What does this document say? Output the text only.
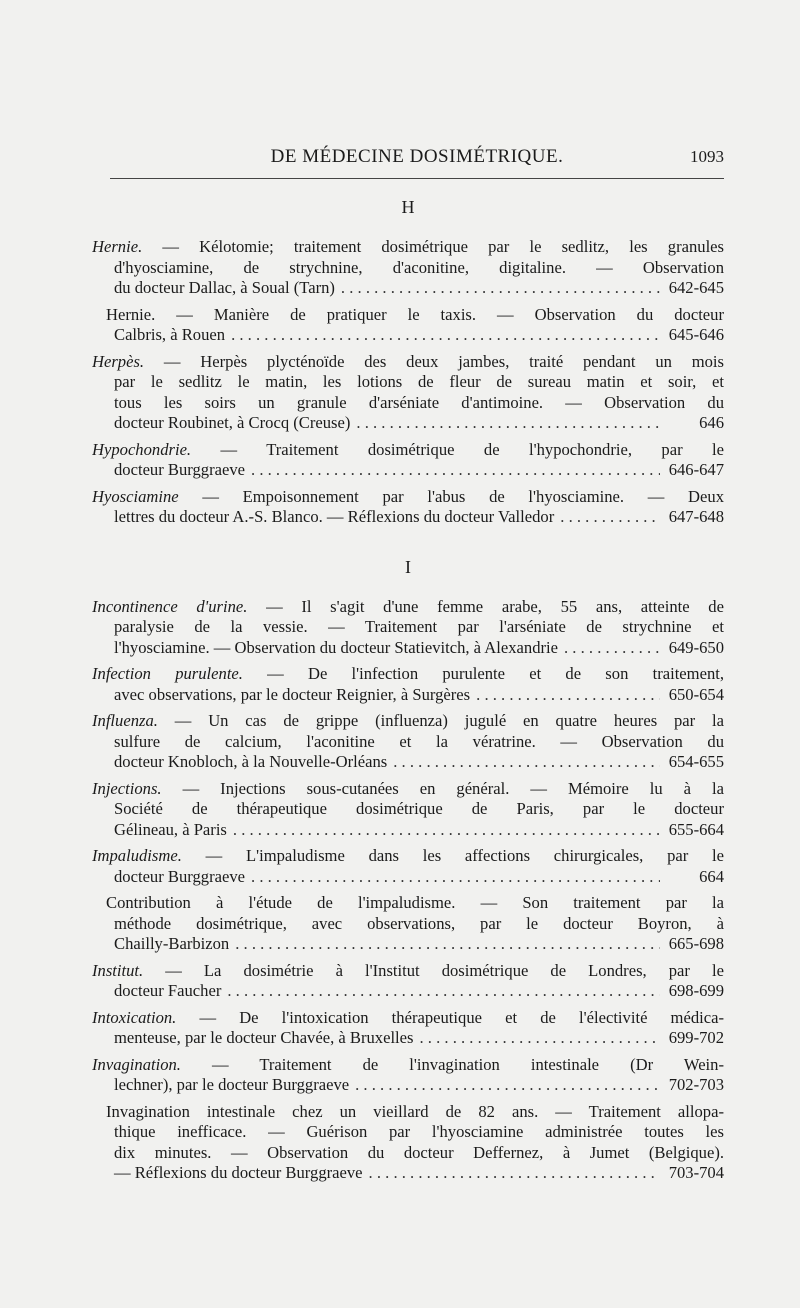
DE MÉDECINE DOSIMÉTRIQUE.	1093
H
Hernie. — Kélotomie; traitement dosimétrique par le sedlitz, les granules
d'hyosciamine, de strychnine, d'aconitine, digitaline. — Observation
du docteur Dallac, à Soual (Tarn) . . .	642-645
Hernie. — Manière de pratiquer le taxis. — Observation du docteur
Calbris, à Rouen . . .	645-646
Herpès. — Herpès plycténoïde des deux jambes, traité pendant un mois
par le sedlitz le matin, les lotions de fleur de sureau matin et soir, et
tous les soirs un granule d'arséniate d'antimoine. — Observation du
docteur Roubinet, à Crocq (Creuse) . . .	646
Hypochondrie. — Traitement dosimétrique de l'hypochondrie, par le
docteur Burggraeve . . .	646-647
Hyosciamine — Empoisonnement par l'abus de l'hyosciamine. — Deux
lettres du docteur A.-S. Blanco. — Réflexions du docteur Valledor . . .	647-648
I
Incontinence d'urine. — Il s'agit d'une femme arabe, 55 ans, atteinte de
paralysie de la vessie. — Traitement par l'arséniate de strychnine et
l'hyosciamine. — Observation du docteur Statievitch, à Alexandrie . . .	649-650
Infection purulente. — De l'infection purulente et de son traitement,
avec observations, par le docteur Reignier, à Surgères . . .	650-654
Influenza. — Un cas de grippe (influenza) jugulé en quatre heures par la
sulfure de calcium, l'aconitine et la vératrine. — Observation du
docteur Knobloch, à la Nouvelle-Orléans . . .	654-655
Injections. — Injections sous-cutanées en général. — Mémoire lu à la
Société de thérapeutique dosimétrique de Paris, par le docteur
Gélineau, à Paris . . .	655-664
Impaludisme. — L'impaludisme dans les affections chirurgicales, par le
docteur Burggraeve . . .	664
Contribution à l'étude de l'impaludisme. — Son traitement par la
méthode dosimétrique, avec observations, par le docteur Boyron, à
Chailly-Barbizon . . .	665-698
Institut. — La dosimétrie à l'Institut dosimétrique de Londres, par le
docteur Faucher . . .	698-699
Intoxication. — De l'intoxication thérapeutique et de l'électivité médica-
menteuse, par le docteur Chavée, à Bruxelles . . .	699-702
Invagination. — Traitement de l'invagination intestinale (Dr Wein-
lechner), par le docteur Burggraeve . . .	702-703
Invagination intestinale chez un vieillard de 82 ans. — Traitement allopa-
thique inefficace. — Guérison par l'hyosciamine administrée toutes les
dix minutes. — Observation du docteur Deffernez, à Jumet (Belgique).
— Réflexions du docteur Burggraeve . . .	703-704
